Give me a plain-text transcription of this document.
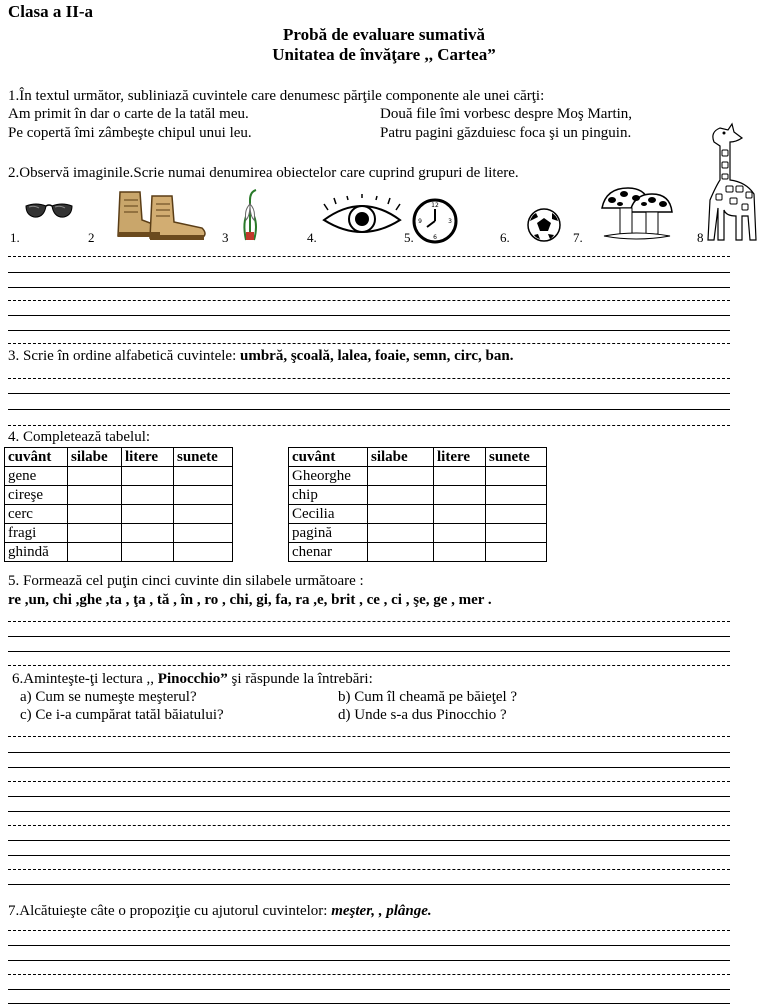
Clasa a II-a
Probă de evaluare sumativă
Unitatea de învăţare ,, Cartea”
1.În textul următor, subliniază cuvintele care denumesc părţile componente ale unei cărţi:
Am primit în dar o carte de la tatăl meu.	Două file îmi vorbesc despre Moş Martin,
Pe copertă îmi zâmbeşte chipul unui leu.	Patru pagini găzduiesc foca şi un pinguin.
2.Observă imaginile.Scrie numai denumirea obiectelor care cuprind grupuri de litere.
1.	2	3	4.	5.	6.	7.	8
12
3
6
9
3. Scrie în ordine alfabetică cuvintele: umbră, şcoală, lalea, foaie, semn, circ, ban.
4. Completează tabelul:
cuvânt	silabe	litere	sunete
gene			
cireşe			
cerc			
fragi			
ghindă			
cuvânt	silabe	litere	sunete
Gheorghe			
chip			
Cecilia			
pagină			
chenar			
5. Formează cel puţin cinci cuvinte din silabele următoare :
re ,un, chi ,ghe ,ta , ţa , tă , în , ro , chi, gi, fa, ra ,e, brit , ce , ci , şe, ge , mer .
6.Aminteşte-ţi lectura ,, Pinocchio” şi răspunde la întrebări:
a) Cum se numeşte meşterul?	b) Cum îl cheamă pe băieţel ?
c) Ce i-a cumpărat tatăl băiatului?	d) Unde s-a dus Pinocchio ?
7.Alcătuieşte câte o propoziţie cu ajutorul cuvintelor: meşter, , plânge.
